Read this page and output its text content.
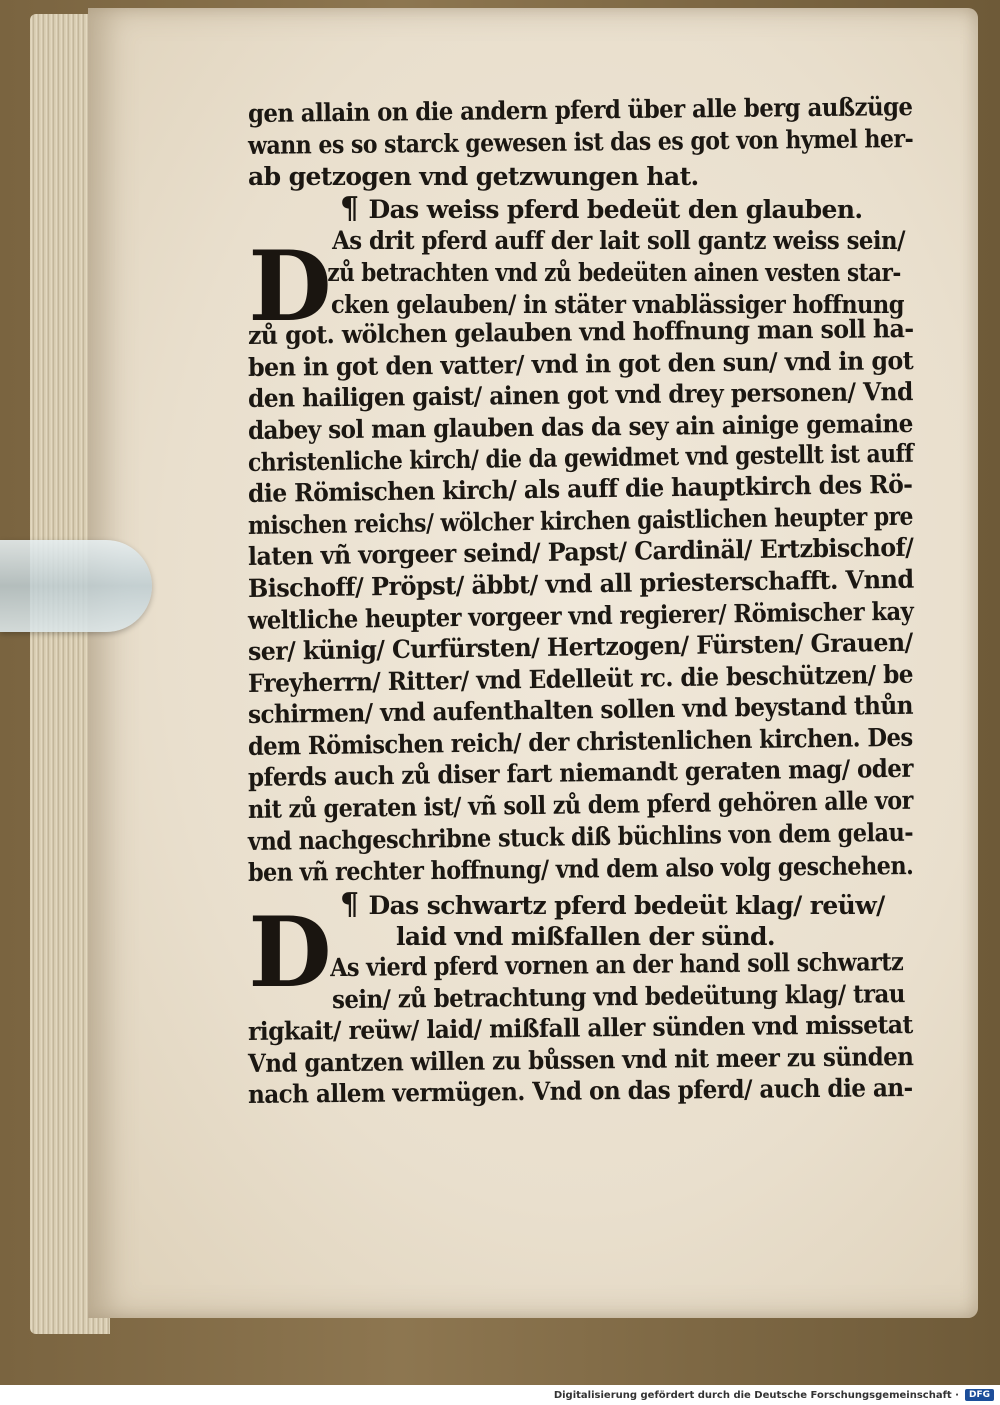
gen allain on die andern pferd über alle berg außzüge
wann es so starck gewesen ist das es got von hymel her-
ab getzogen vnd getzwungen hat.
¶ Das weiss pferd bedeüt den glauben.
As drit pferd auff der lait soll gantz weiss sein/
zů betrachten vnd zů bedeüten ainen vesten star-
cken gelauben/ in stäter vnablässiger hoffnung
zů got. wölchen gelauben vnd hoffnung man soll ha-
ben in got den vatter/ vnd in got den sun/ vnd in got
den hailigen gaist/ ainen got vnd drey personen/ Vnd
dabey sol man glauben das da sey ain ainige gemaine
christenliche kirch/ die da gewidmet vnd gestellt ist auff
die Römischen kirch/ als auff die hauptkirch des Rö-
mischen reichs/ wölcher kirchen gaistlichen heupter pre
laten vñ vorgeer seind/ Papst/ Cardinäl/ Ertzbischof/
Bischoff/ Pröpst/ äbbt/ vnd all priesterschafft. Vnnd
weltliche heupter vorgeer vnd regierer/ Römischer kay
ser/ künig/ Curfürsten/ Hertzogen/ Fürsten/ Grauen/
Freyherrn/ Ritter/ vnd Edelleüt rc. die beschützen/ be
schirmen/ vnd aufenthalten sollen vnd beystand thůn
dem Römischen reich/ der christenlichen kirchen. Des
pferds auch zů diser fart niemandt geraten mag/ oder
nit zů geraten ist/ vñ soll zů dem pferd gehören alle vor
vnd nachgeschribne stuck diß büchlins von dem gelau-
ben vñ rechter hoffnung/ vnd dem also volg geschehen.
¶ Das schwartz pferd bedeüt klag/ reüw/
laid vnd mißfallen der sünd.
As vierd pferd vornen an der hand soll schwartz
sein/ zů betrachtung vnd bedeütung klag/ trau
rigkait/ reüw/ laid/ mißfall aller sünden vnd missetat
Vnd gantzen willen zu bůssen vnd nit meer zu sünden
nach allem vermügen. Vnd on das pferd/ auch die an-
D
D
Digitalisierung gefördert durch die Deutsche Forschungsgemeinschaft ·	DFG
